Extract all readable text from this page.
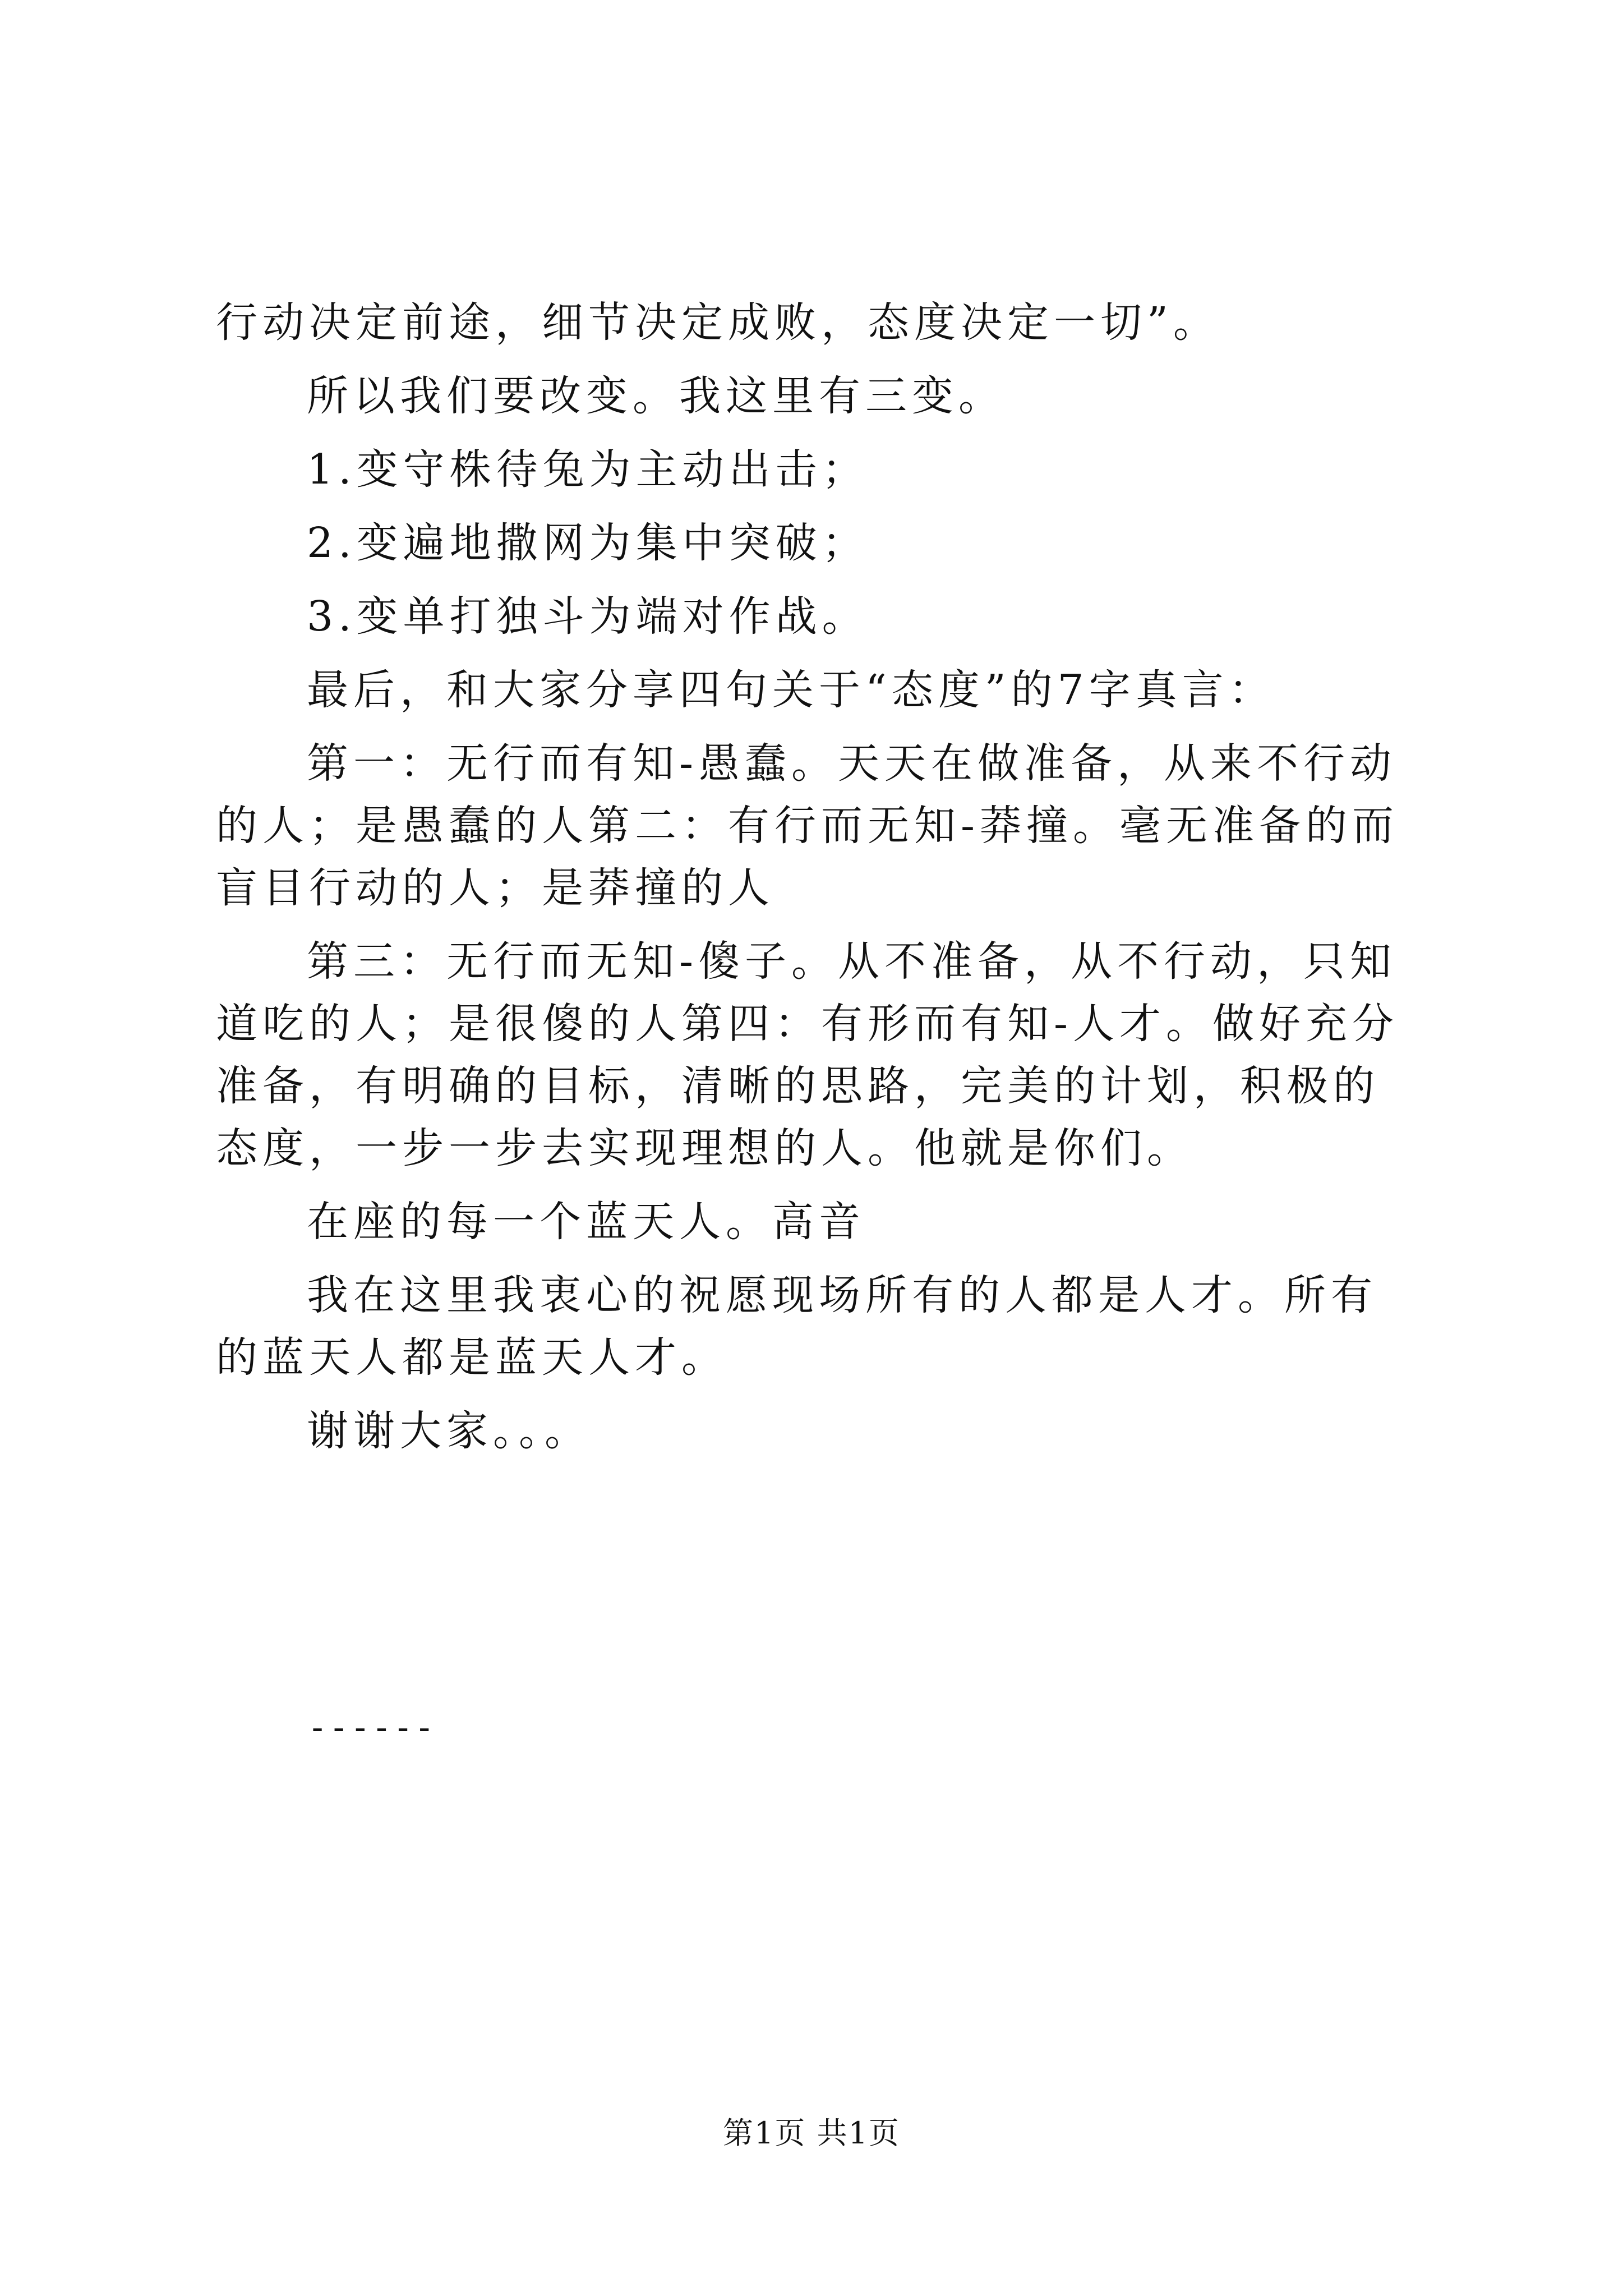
行动决定前途，细节决定成败，态度决定一切”。

所以我们要改变。我这里有三变。

1.变守株待兔为主动出击；

2.变遍地撒网为集中突破；

3.变单打独斗为端对作战。

最后，和大家分享四句关于“态度”的7字真言：

第一：无行而有知-愚蠢。天天在做准备，从来不行动的人；是愚蠢的人第二：有行而无知-莽撞。毫无准备的而盲目行动的人；是莽撞的人

第三：无行而无知-傻子。从不准备，从不行动，只知道吃的人；是很傻的人第四：有形而有知-人才。做好充分准备，有明确的目标，清晰的思路，完美的计划，积极的态度，一步一步去实现理想的人。他就是你们。

在座的每一个蓝天人。高音

我在这里我衷心的祝愿现场所有的人都是人才。所有的蓝天人都是蓝天人才。

谢谢大家。。。

------
第1页 共1页
